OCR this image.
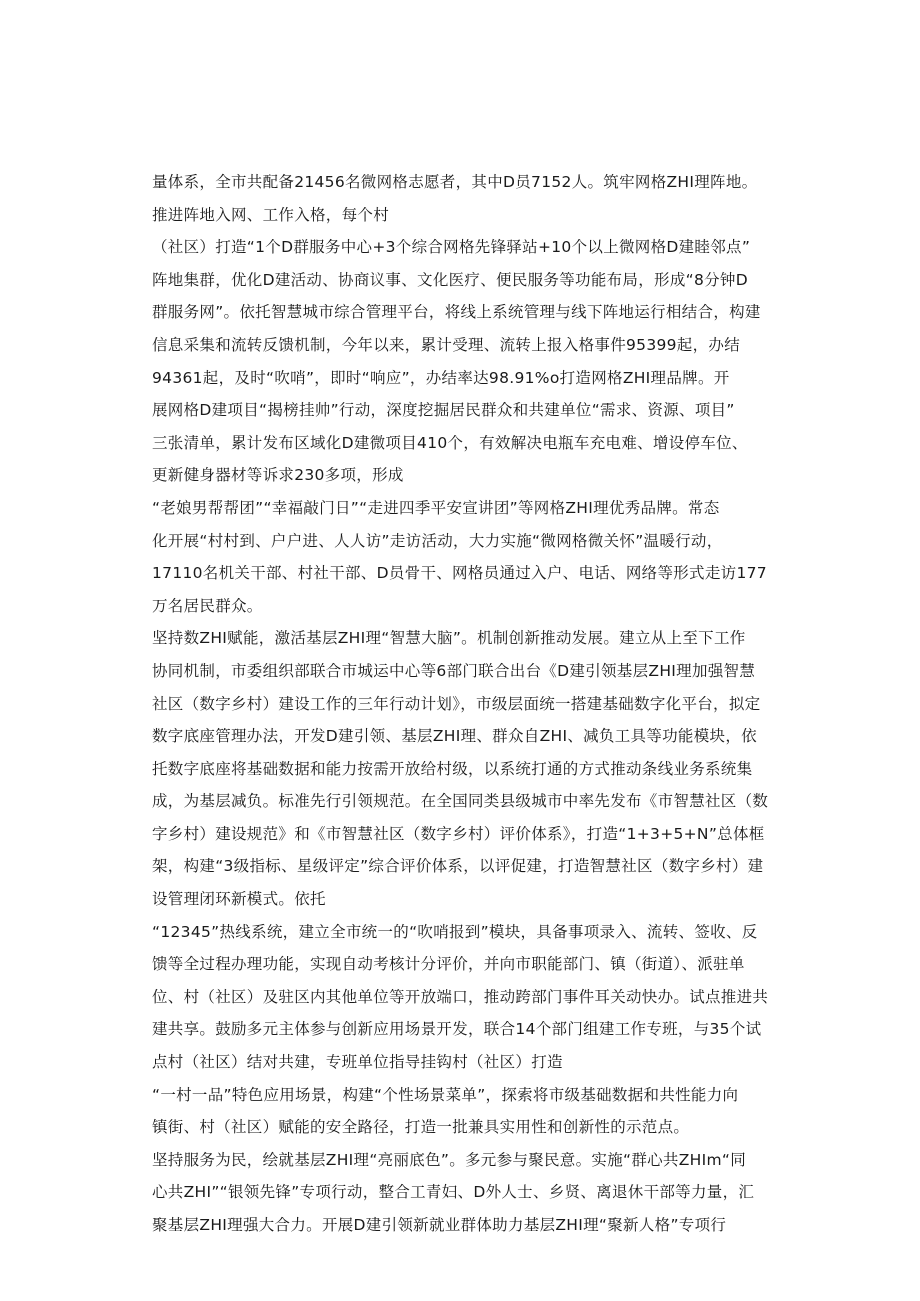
量体系，全市共配备21456名微网格志愿者，其中D员7152人。筑牢网格ZHI理阵地。
推进阵地入网、工作入格，每个村
（社区）打造“1个D群服务中心+3个综合网格先锋驿站+10个以上微网格D建睦邻点”
阵地集群，优化D建活动、协商议事、文化医疗、便民服务等功能布局，形成“8分钟D
群服务网”。依托智慧城市综合管理平台，将线上系统管理与线下阵地运行相结合，构建
信息采集和流转反馈机制，今年以来，累计受理、流转上报入格事件95399起，办结
94361起，及时“吹哨”，即时“响应”，办结率达98.91%o打造网格ZHI理品牌。开
展网格D建项目“揭榜挂帅”行动，深度挖掘居民群众和共建单位“需求、资源、项目”
三张清单，累计发布区域化D建微项目410个，有效解决电瓶车充电难、增设停车位、
更新健身器材等诉求230多项，形成
“老娘男帮帮团”“幸福敲门日”“走进四季平安宣讲团”等网格ZHI理优秀品牌。常态
化开展“村村到、户户进、人人访”走访活动，大力实施“微网格微关怀”温暖行动，
17110名机关干部、村社干部、D员骨干、网格员通过入户、电话、网络等形式走访177
万名居民群众。
坚持数ZHI赋能，激活基层ZHI理“智慧大脑”。机制创新推动发展。建立从上至下工作
协同机制，市委组织部联合市城运中心等6部门联合出台《D建引领基层ZHI理加强智慧
社区（数字乡村）建设工作的三年行动计划》，市级层面统一搭建基础数字化平台，拟定
数字底座管理办法，开发D建引领、基层ZHI理、群众自ZHI、减负工具等功能模块，依
托数字底座将基础数据和能力按需开放给村级，以系统打通的方式推动条线业务系统集
成，为基层减负。标准先行引领规范。在全国同类县级城市中率先发布《市智慧社区（数
字乡村）建设规范》和《市智慧社区（数字乡村）评价体系》，打造“1+3+5+N”总体框
架，构建“3级指标、星级评定”综合评价体系，以评促建，打造智慧社区（数字乡村）建
设管理闭环新模式。依托
“12345”热线系统，建立全市统一的“吹哨报到”模块，具备事项录入、流转、签收、反
馈等全过程办理功能，实现自动考核计分评价，并向市职能部门、镇（街道）、派驻单
位、村（社区）及驻区内其他单位等开放端口，推动跨部门事件耳关动快办。试点推进共
建共享。鼓励多元主体参与创新应用场景开发，联合14个部门组建工作专班，与35个试
点村（社区）结对共建，专班单位指导挂钩村（社区）打造
“一村一品”特色应用场景，构建“个性场景菜单”，探索将市级基础数据和共性能力向
镇街、村（社区）赋能的安全路径，打造一批兼具实用性和创新性的示范点。
坚持服务为民，绘就基层ZHI理“亮丽底色”。多元参与聚民意。实施“群心共ZHIm“同
心共ZHI”“银领先锋”专项行动，整合工青妇、D外人士、乡贤、离退休干部等力量，汇
聚基层ZHI理强大合力。开展D建引领新就业群体助力基层ZHI理“聚新人格”专项行
